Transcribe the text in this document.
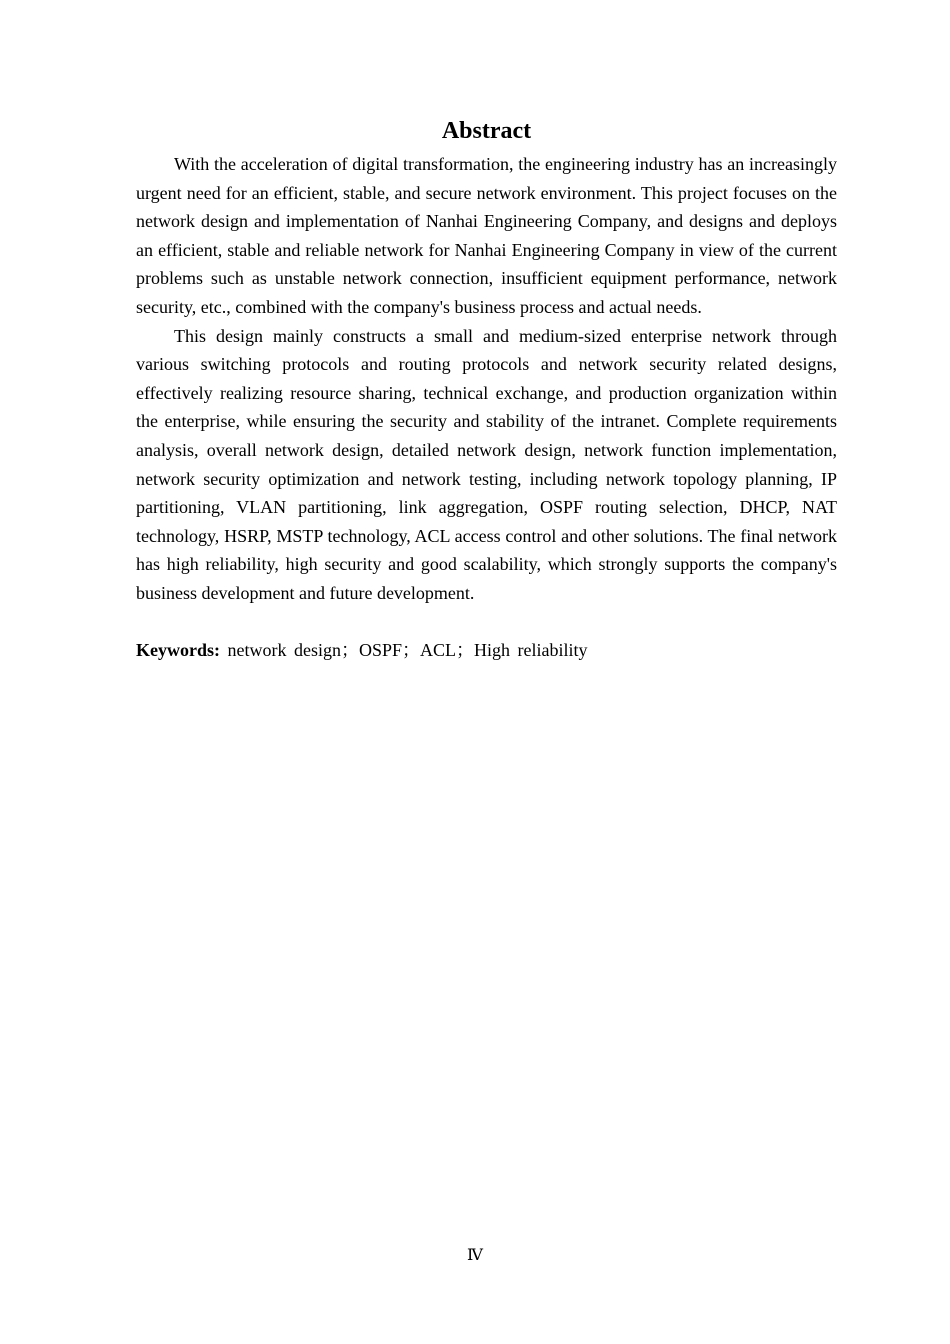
Abstract

With the acceleration of digital transformation, the engineering industry has an increasingly urgent need for an efficient, stable, and secure network environment. This project focuses on the network design and implementation of Nanhai Engineering Company, and designs and deploys an efficient, stable and reliable network for Nanhai Engineering Company in view of the current problems such as unstable network connection, insufficient equipment performance, network security, etc., combined with the company's business process and actual needs.

This design mainly constructs a small and medium-sized enterprise network through various switching protocols and routing protocols and network security related designs, effectively realizing resource sharing, technical exchange, and production organization within the enterprise, while ensuring the security and stability of the intranet. Complete requirements analysis, overall network design, detailed network design, network function implementation, network security optimization and network testing, including network topology planning, IP partitioning, VLAN partitioning, link aggregation, OSPF routing selection, DHCP, NAT technology, HSRP, MSTP technology, ACL access control and other solutions. The final network has high reliability, high security and good scalability, which strongly supports the company's business development and future development.

Keywords: network design；OSPF；ACL；High reliability

Ⅳ
